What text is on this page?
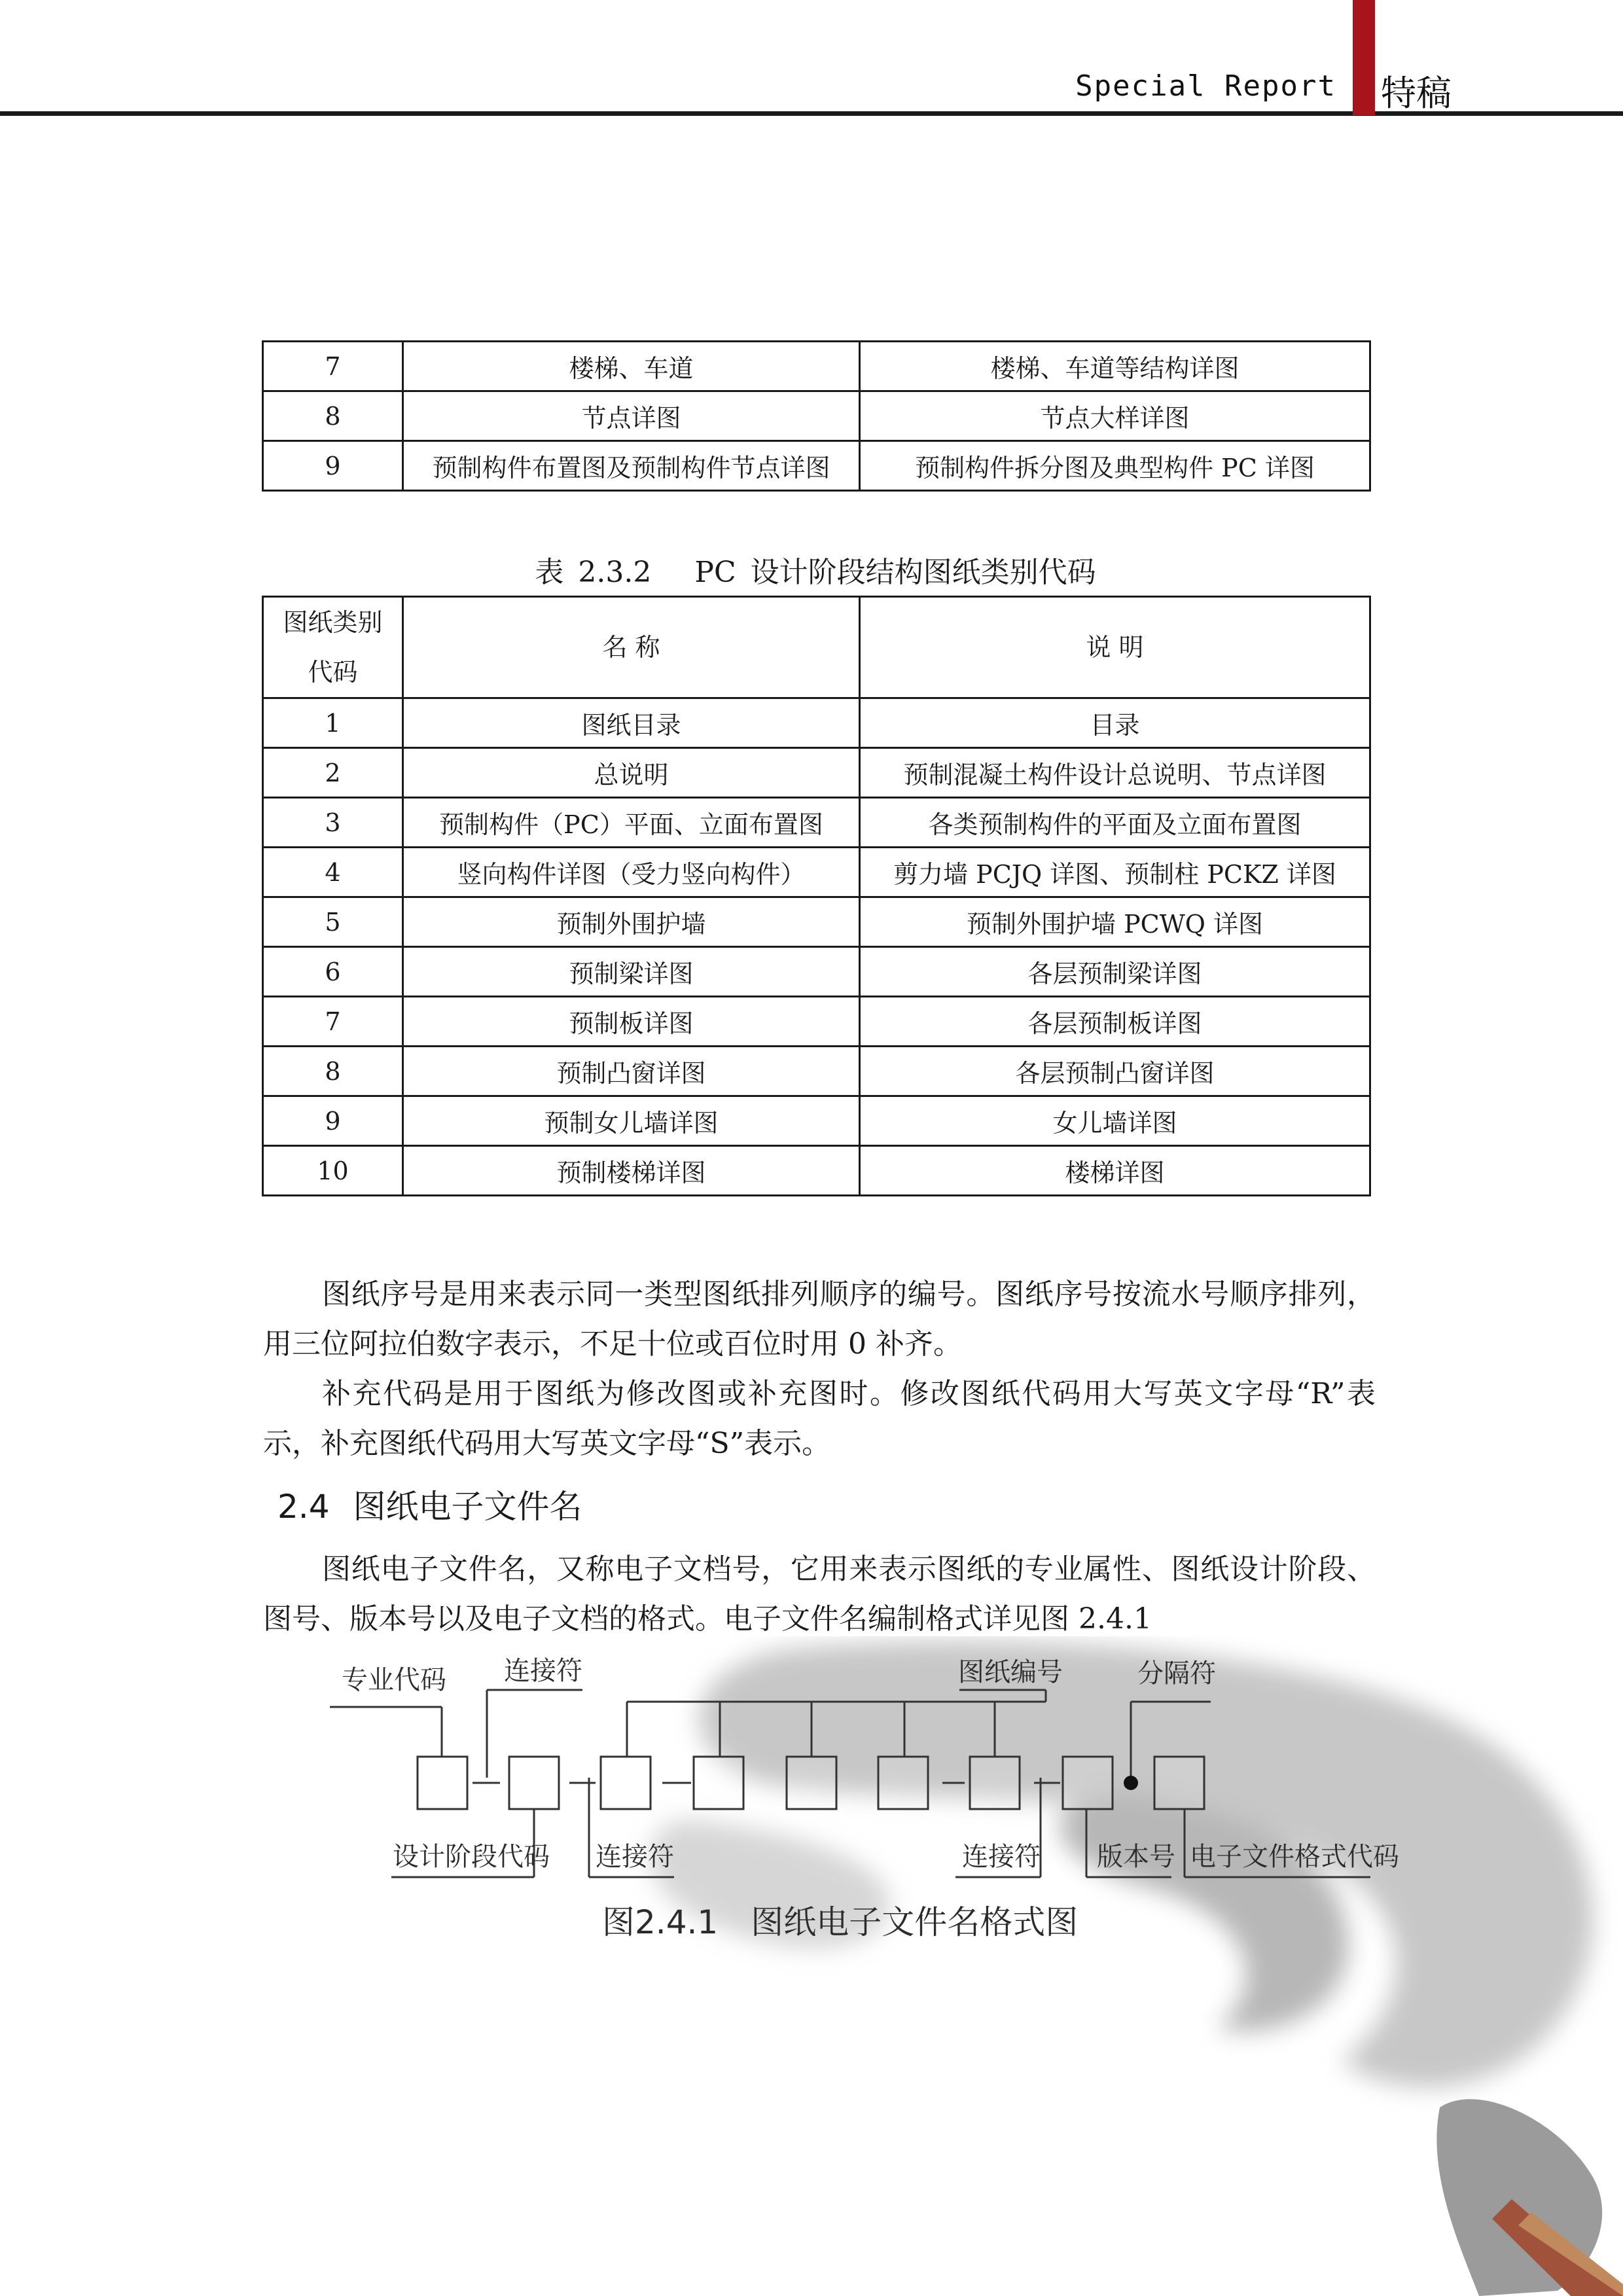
Special Report 特稿
7	楼梯、车道	楼梯、车道等结构详图
8	节点详图	节点大样详图
9	预制构件布置图及预制构件节点详图	预制构件拆分图及典型构件 PC 详图
表 2.3.2　 PC 设计阶段结构图纸类别代码
图纸类别
代码	名 称	说 明
1	图纸目录	目录
2	总说明	预制混凝土构件设计总说明、节点详图
3	预制构件（PC）平面、立面布置图	各类预制构件的平面及立面布置图
4	竖向构件详图（受力竖向构件）	剪力墙 PCJQ 详图、预制柱 PCKZ 详图
5	预制外围护墙	预制外围护墙 PCWQ 详图
6	预制梁详图	各层预制梁详图
7	预制板详图	各层预制板详图
8	预制凸窗详图	各层预制凸窗详图
9	预制女儿墙详图	女儿墙详图
10	预制楼梯详图	楼梯详图

图纸序号是用来表示同一类型图纸排列顺序的编号。图纸序号按流水号顺序排列，用三位阿拉伯数字表示，不足十位或百位时用 0 补齐。

补充代码是用于图纸为修改图或补充图时。修改图纸代码用大写英文字母“R”表示，补充图纸代码用大写英文字母“S”表示。

2.4 图纸电子文件名

图纸电子文件名，又称电子文档号，它用来表示图纸的专业属性、图纸设计阶段、图号、版本号以及电子文档的格式。电子文件名编制格式详见图 2.4.1

专业代码 连接符	图纸编号	分隔符
设计阶段代码 连接符	连接符 版本号 电子文件格式代码
图2.4.1　图纸电子文件名格式图
